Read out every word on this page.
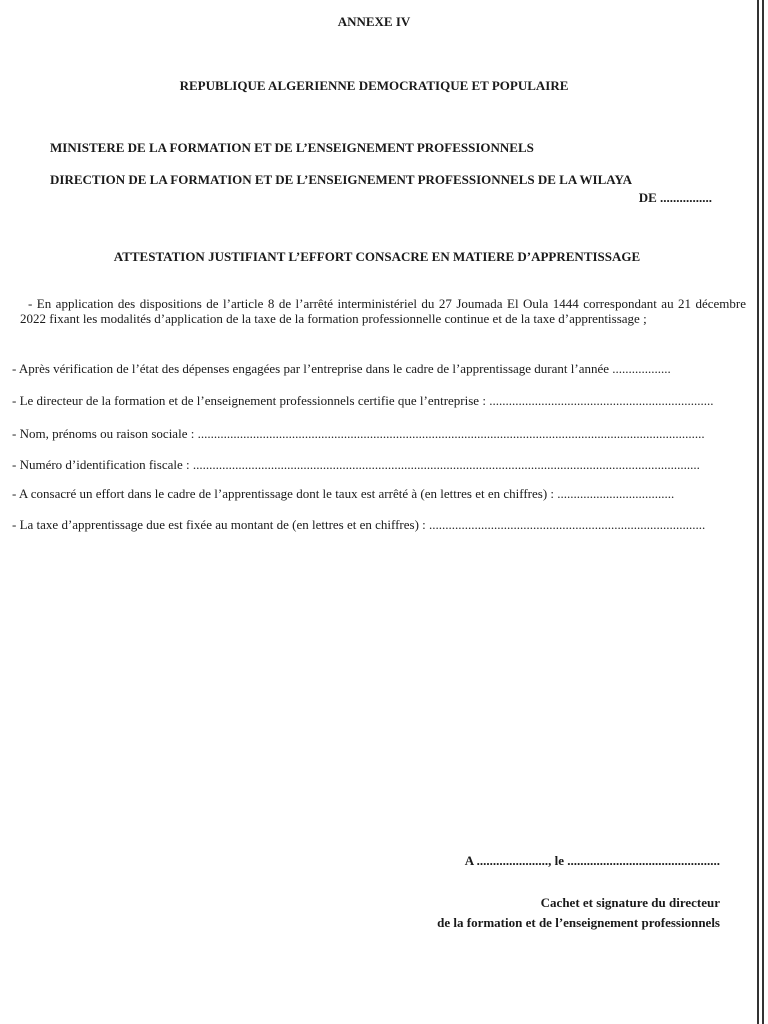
ANNEXE IV
REPUBLIQUE ALGERIENNE DEMOCRATIQUE ET POPULAIRE
MINISTERE DE LA FORMATION ET DE L’ENSEIGNEMENT PROFESSIONNELS
DIRECTION DE LA FORMATION ET DE L’ENSEIGNEMENT PROFESSIONNELS DE LA WILAYA
DE ................
ATTESTATION JUSTIFIANT L’EFFORT CONSACRE EN MATIERE D’APPRENTISSAGE
- En application des dispositions de l’article 8 de l’arrêté interministériel du 27 Joumada El Oula 1444 correspondant au 21 décembre 2022 fixant les modalités d’application de la taxe de la formation professionnelle continue et de la taxe d’apprentissage ;
- Après vérification de l’état des dépenses engagées par l’entreprise dans le cadre de l’apprentissage durant l’année ..................
- Le directeur de la formation et de l’enseignement professionnels certifie que l’entreprise : .....................................................................
- Nom, prénoms ou raison sociale : ............................................................................................................................................................
- Numéro d’identification fiscale : ............................................................................................................................................................
- A consacré un effort dans le cadre de l’apprentissage dont le taux est arrêté à (en lettres et en chiffres) : ....................................
- La taxe d’apprentissage due est fixée au montant de (en lettres et en chiffres) : .....................................................................................
A ......................, le ...............................................
Cachet et signature du directeur
de la formation et de l’enseignement professionnels
